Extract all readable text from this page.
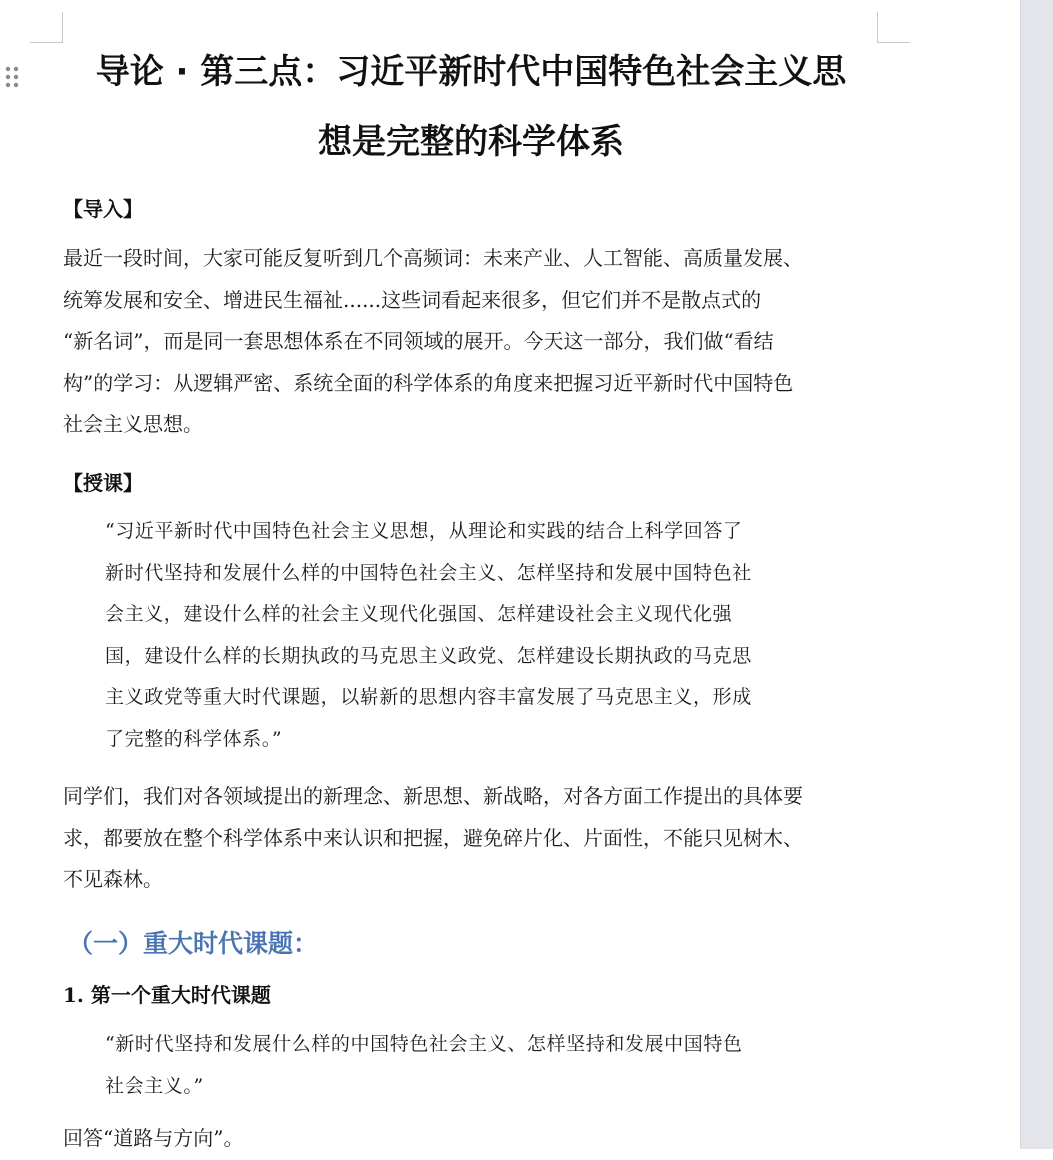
导论 · 第三点：习近平新时代中国特色社会主义思
想是完整的科学体系
【导入】
最近一段时间，大家可能反复听到几个高频词：未来产业、人工智能、高质量发展、
统筹发展和安全、增进民生福祉......这些词看起来很多，但它们并不是散点式的
“新名词”，而是同一套思想体系在不同领域的展开。今天这一部分，我们做“看结
构”的学习：从逻辑严密、系统全面的科学体系的角度来把握习近平新时代中国特色
社会主义思想。
【授课】
“习近平新时代中国特色社会主义思想，从理论和实践的结合上科学回答了
新时代坚持和发展什么样的中国特色社会主义、怎样坚持和发展中国特色社
会主义，建设什么样的社会主义现代化强国、怎样建设社会主义现代化强
国，建设什么样的长期执政的马克思主义政党、怎样建设长期执政的马克思
主义政党等重大时代课题，以崭新的思想内容丰富发展了马克思主义，形成
了完整的科学体系。”
同学们，我们对各领域提出的新理念、新思想、新战略，对各方面工作提出的具体要
求，都要放在整个科学体系中来认识和把握，避免碎片化、片面性，不能只见树木、
不见森林。
（一）重大时代课题：
1. 第一个重大时代课题
“新时代坚持和发展什么样的中国特色社会主义、怎样坚持和发展中国特色
社会主义。”
回答“道路与方向”。
